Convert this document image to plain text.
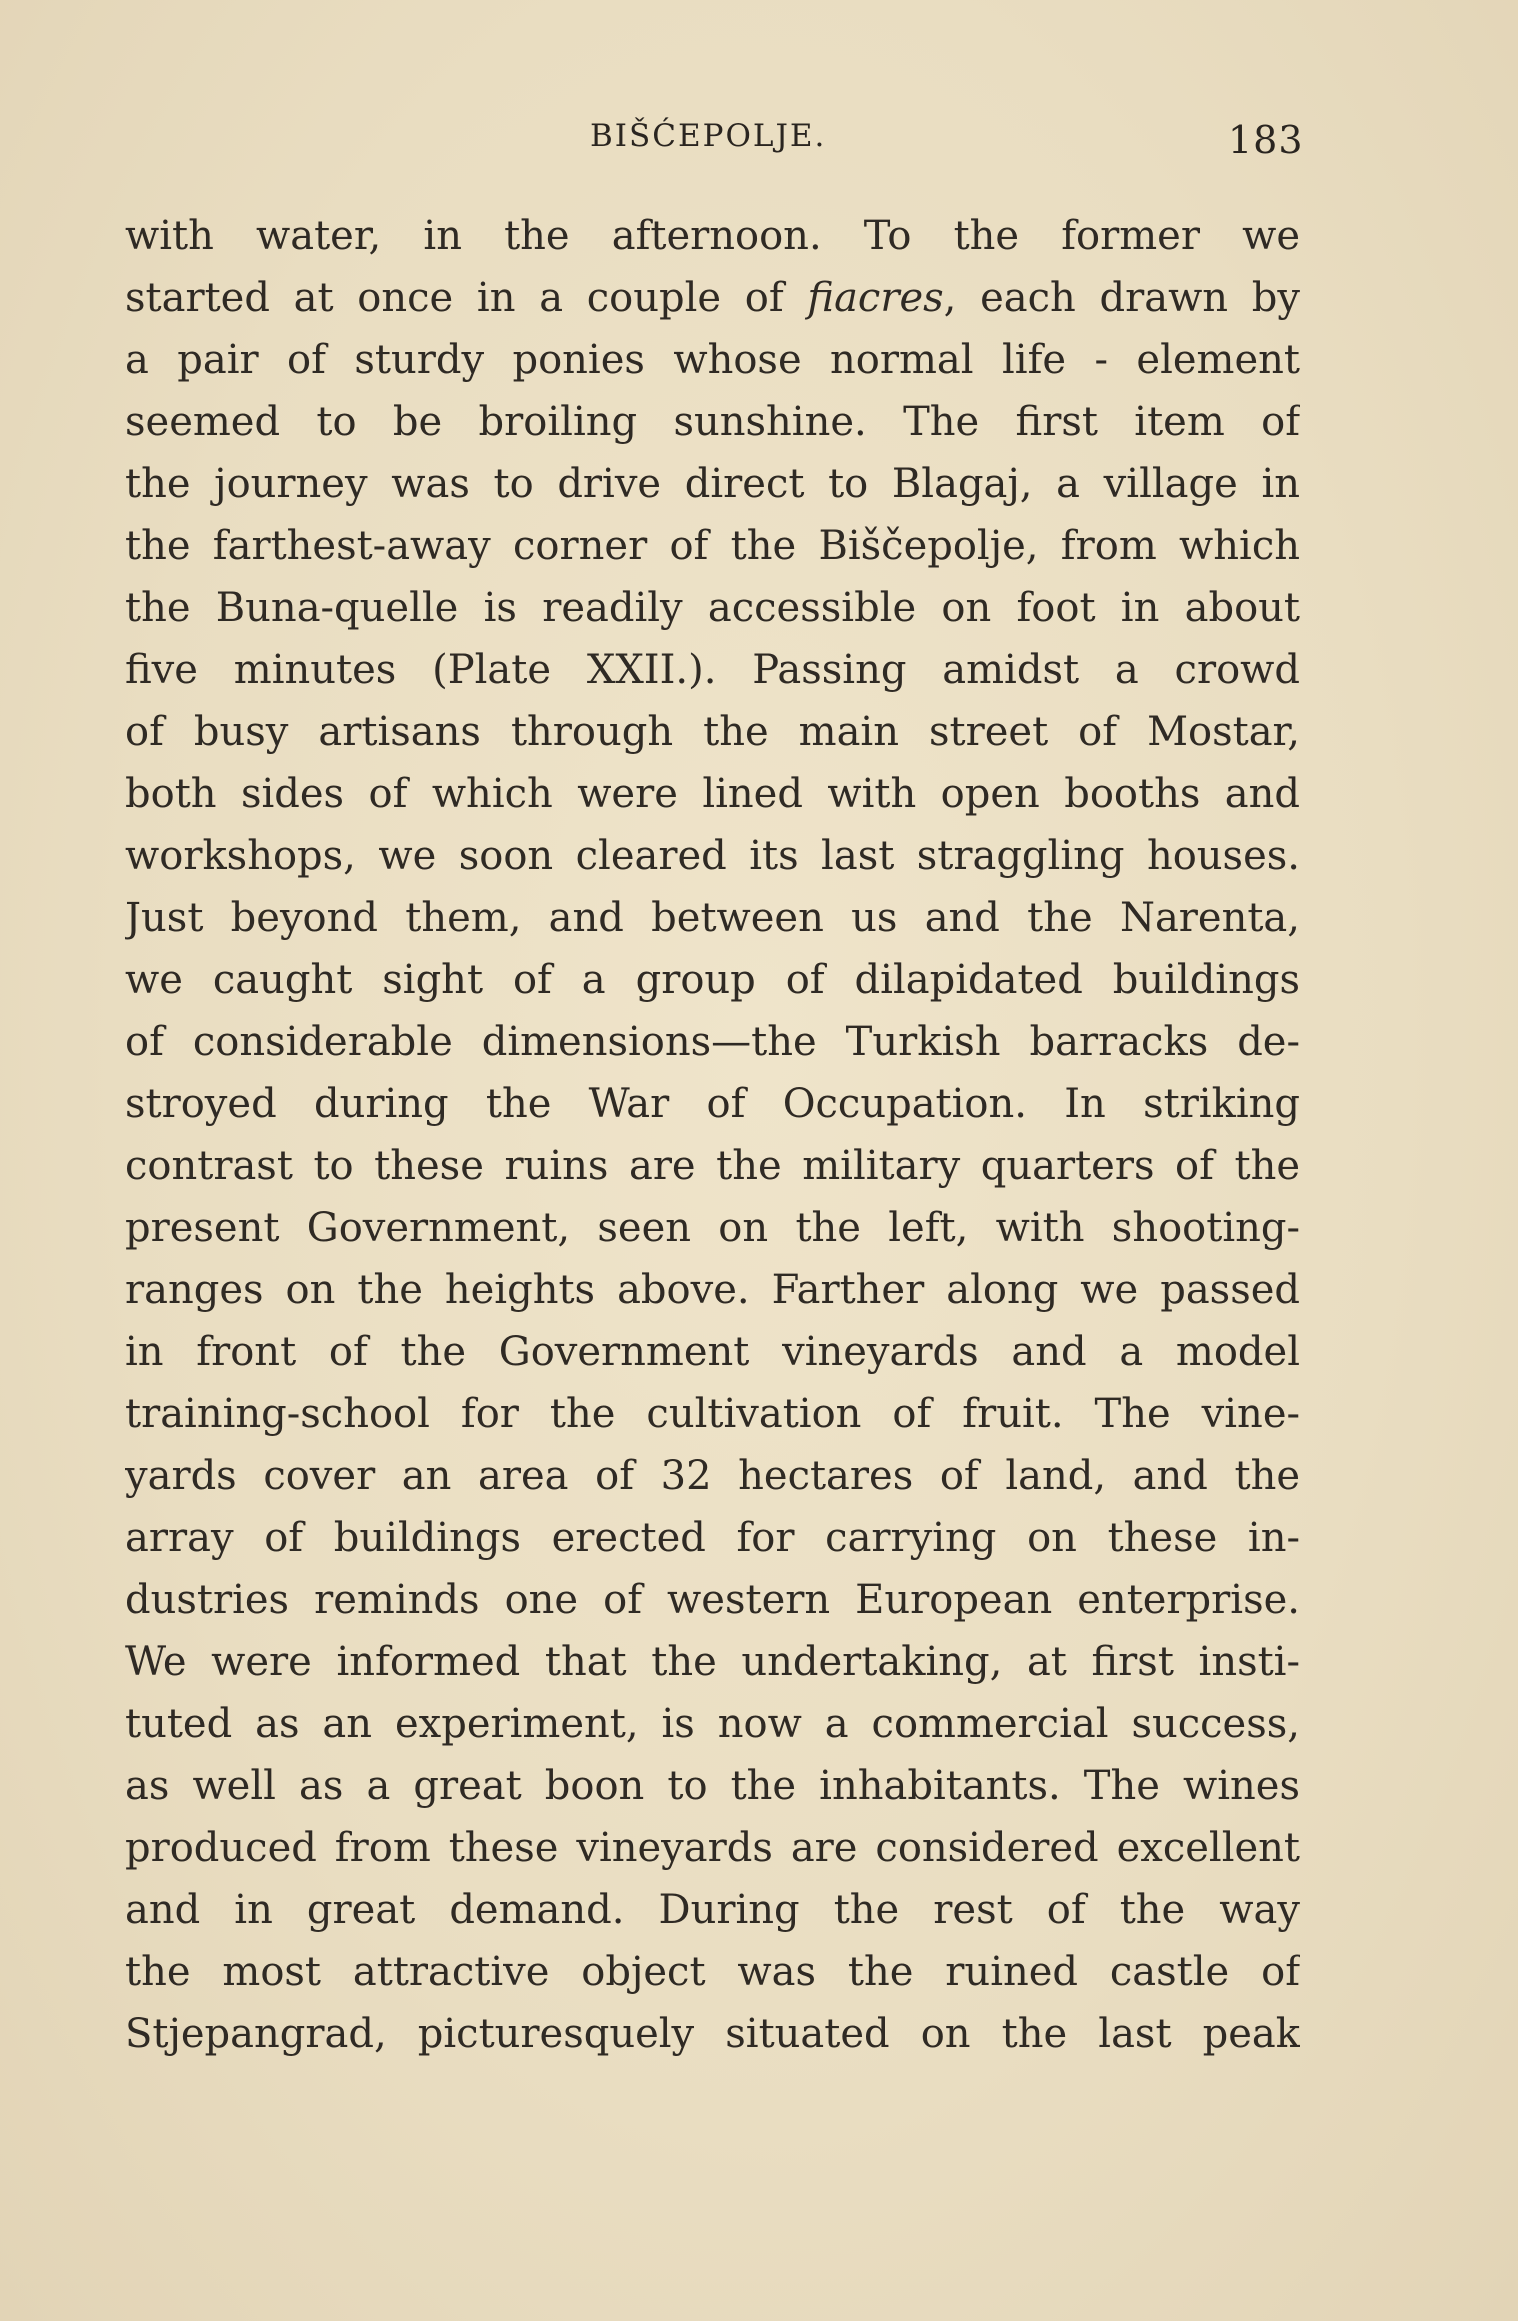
BIŠĆEPOLJE.	183
with water, in the afternoon. To the former we
started at once in a couple of fiacres, each drawn by
a pair of sturdy ponies whose normal life - element
seemed to be broiling sunshine. The first item of
the journey was to drive direct to Blagaj, a village in
the farthest-away corner of the Biščepolje, from which
the Buna-quelle is readily accessible on foot in about
five minutes (Plate XXII.). Passing amidst a crowd
of busy artisans through the main street of Mostar,
both sides of which were lined with open booths and
workshops, we soon cleared its last straggling houses.
Just beyond them, and between us and the Narenta,
we caught sight of a group of dilapidated buildings
of considerable dimensions—the Turkish barracks de-
stroyed during the War of Occupation. In striking
contrast to these ruins are the military quarters of the
present Government, seen on the left, with shooting-
ranges on the heights above. Farther along we passed
in front of the Government vineyards and a model
training-school for the cultivation of fruit. The vine-
yards cover an area of 32 hectares of land, and the
array of buildings erected for carrying on these in-
dustries reminds one of western European enterprise.
We were informed that the undertaking, at first insti-
tuted as an experiment, is now a commercial success,
as well as a great boon to the inhabitants. The wines
produced from these vineyards are considered excellent
and in great demand. During the rest of the way
the most attractive object was the ruined castle of
Stjepangrad, picturesquely situated on the last peak
